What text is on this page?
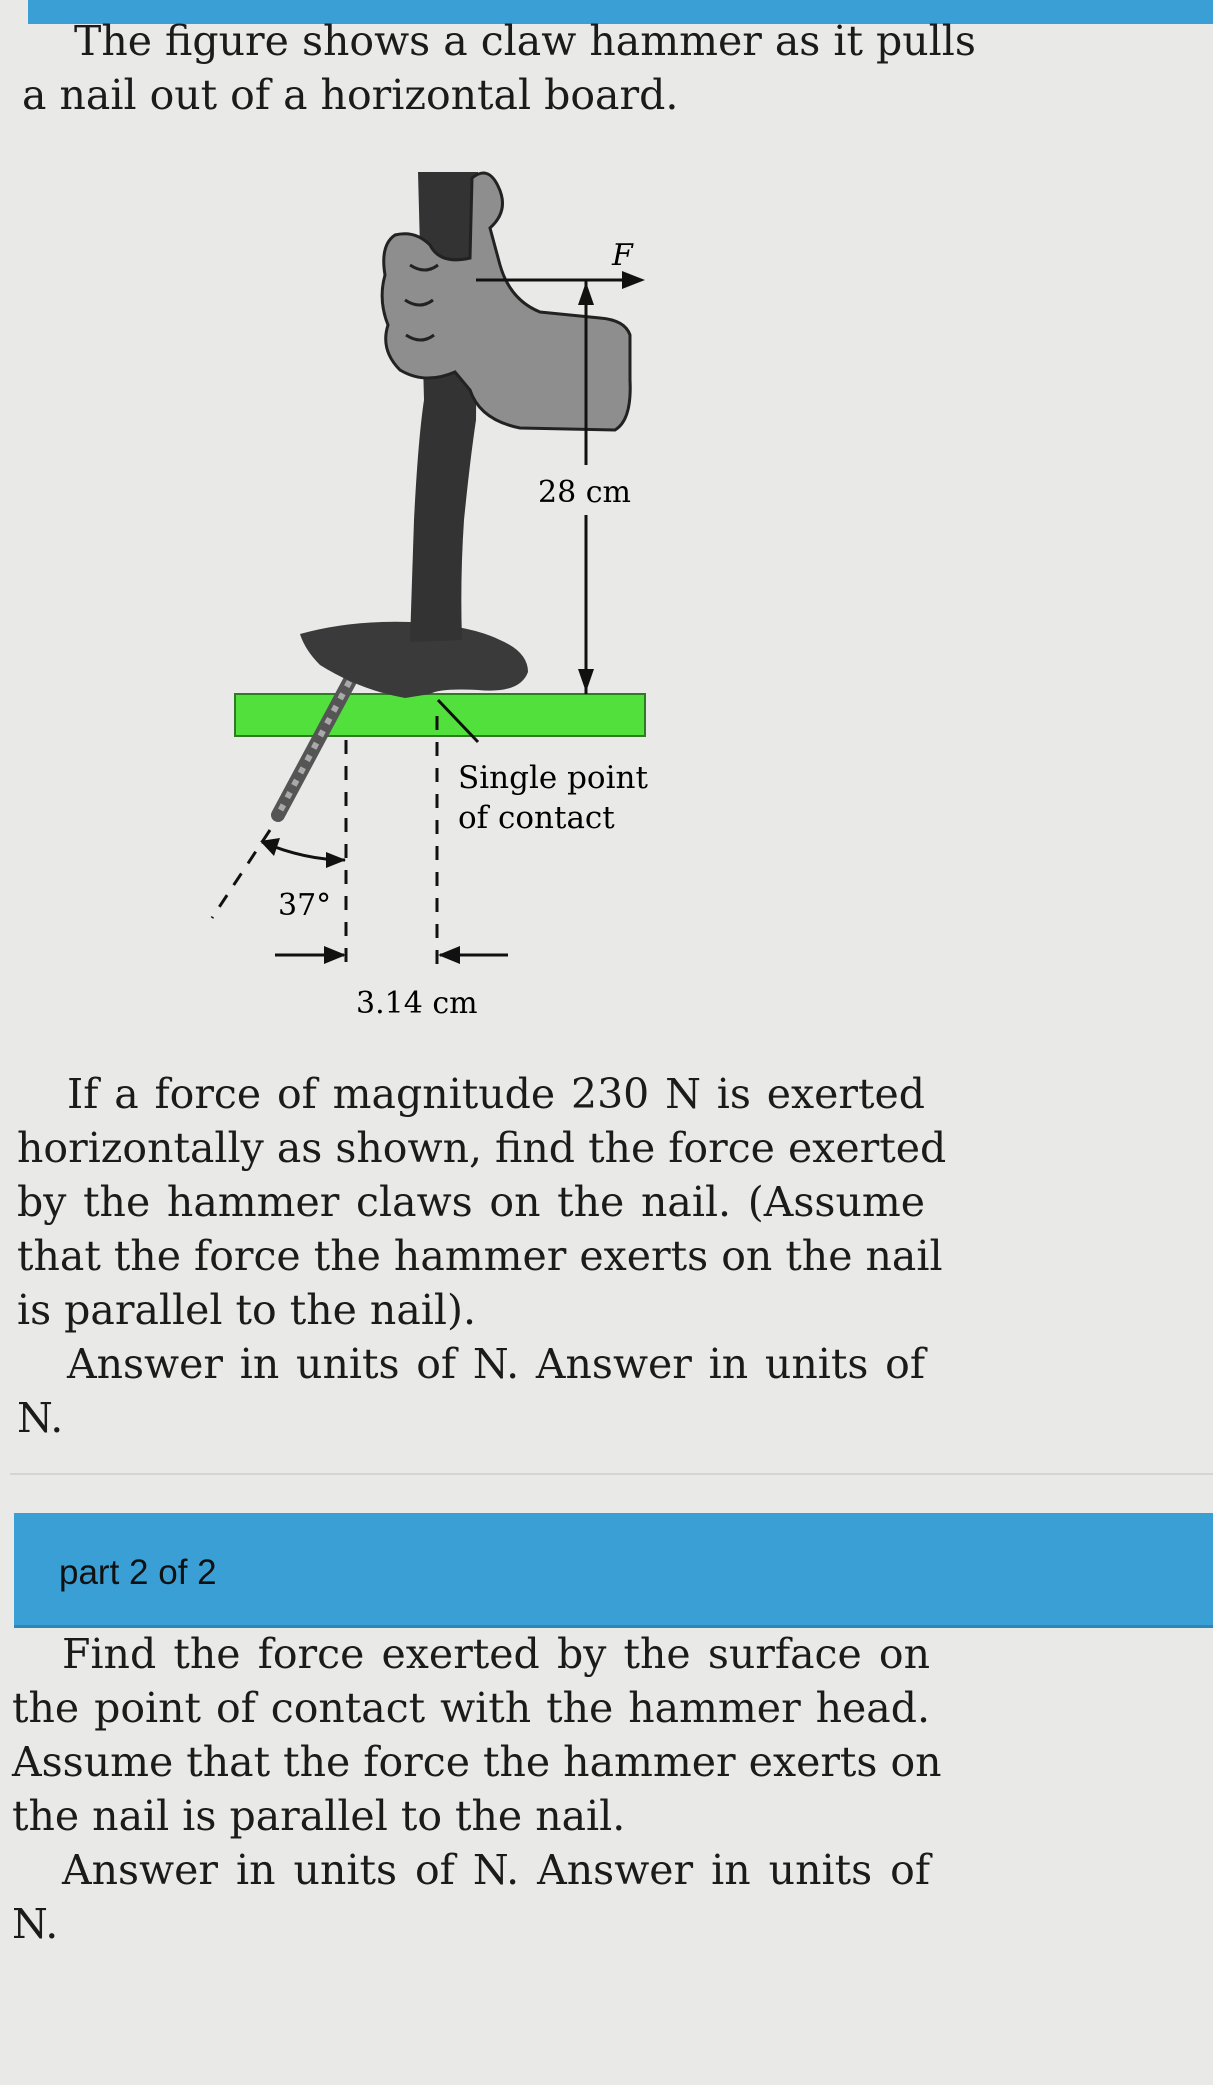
The figure shows a claw hammer as it pulls
a nail out of a horizontal board.
F
28 cm
Single point
of contact
37°
3.14 cm
If a force of magnitude 230 N is exerted
horizontally as shown, find the force exerted
by the hammer claws on the nail. (Assume
that the force the hammer exerts on the nail
is parallel to the nail).
Answer in units of N. Answer in units of
N.
part 2 of 2
Find the force exerted by the surface on
the point of contact with the hammer head.
Assume that the force the hammer exerts on
the nail is parallel to the nail.
Answer in units of N. Answer in units of
N.
